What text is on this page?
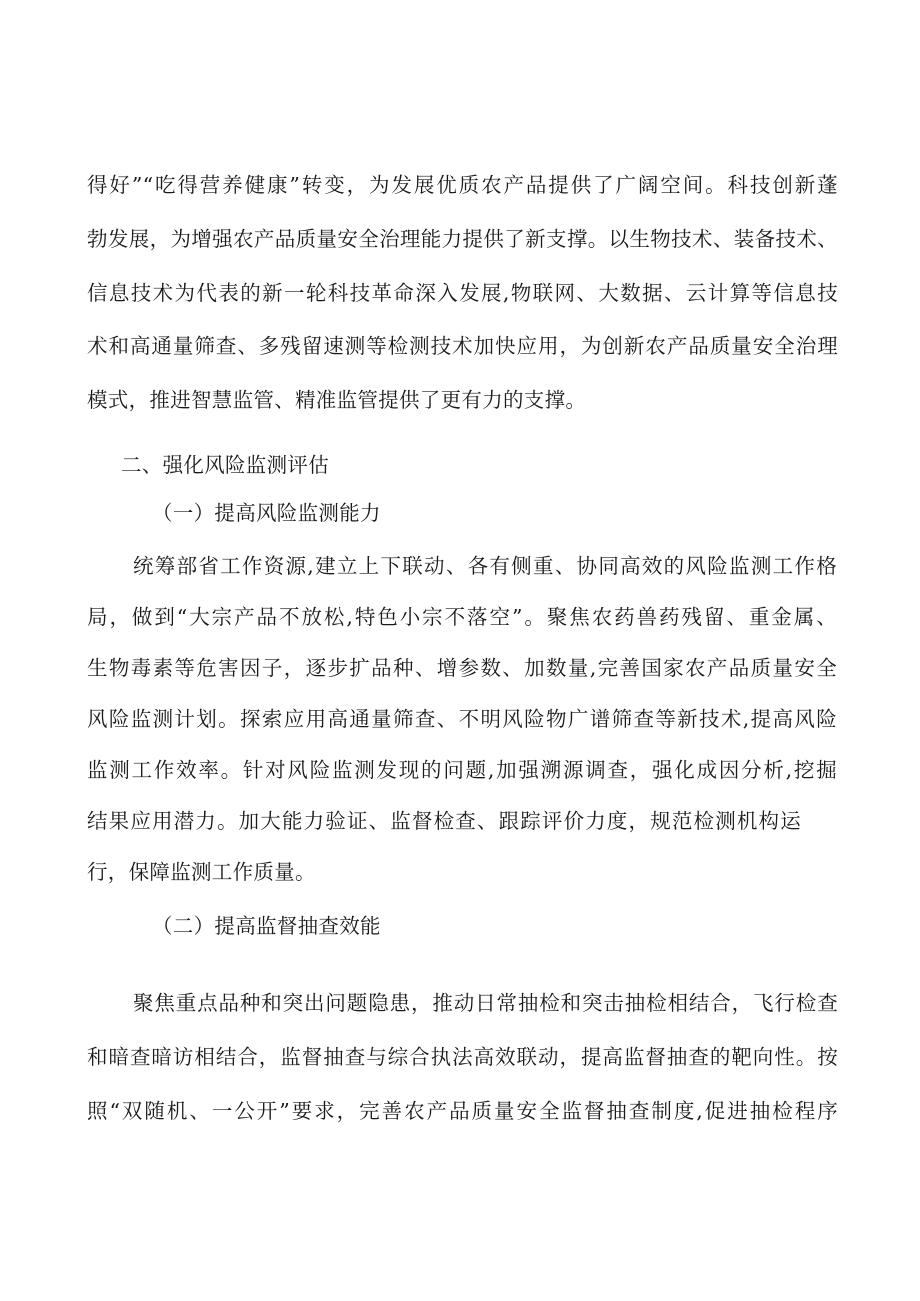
得好”“吃得营养健康”转变，为发展优质农产品提供了广阔空间。科技创新蓬
勃发展，为增强农产品质量安全治理能力提供了新支撑。以生物技术、装备技术、
信息技术为代表的新一轮科技革命深入发展,物联网、大数据、云计算等信息技
术和高通量筛查、多残留速测等检测技术加快应用，为创新农产品质量安全治理
模式，推进智慧监管、精准监管提供了更有力的支撑。
二、强化风险监测评估
（一）提高风险监测能力
统筹部省工作资源,建立上下联动、各有侧重、协同高效的风险监测工作格
局，做到“大宗产品不放松,特色小宗不落空”。聚焦农药兽药残留、重金属、
生物毒素等危害因子，逐步扩品种、增参数、加数量,完善国家农产品质量安全
风险监测计划。探索应用高通量筛查、不明风险物广谱筛查等新技术,提高风险
监测工作效率。针对风险监测发现的问题,加强溯源调查，强化成因分析,挖掘
结果应用潜力。加大能力验证、监督检查、跟踪评价力度，规范检测机构运
行，保障监测工作质量。
（二）提高监督抽查效能
聚焦重点品种和突出问题隐患，推动日常抽检和突击抽检相结合，飞行检查
和暗查暗访相结合，监督抽查与综合执法高效联动，提高监督抽查的靶向性。按
照“双随机、一公开”要求，完善农产品质量安全监督抽查制度,促进抽检程序
